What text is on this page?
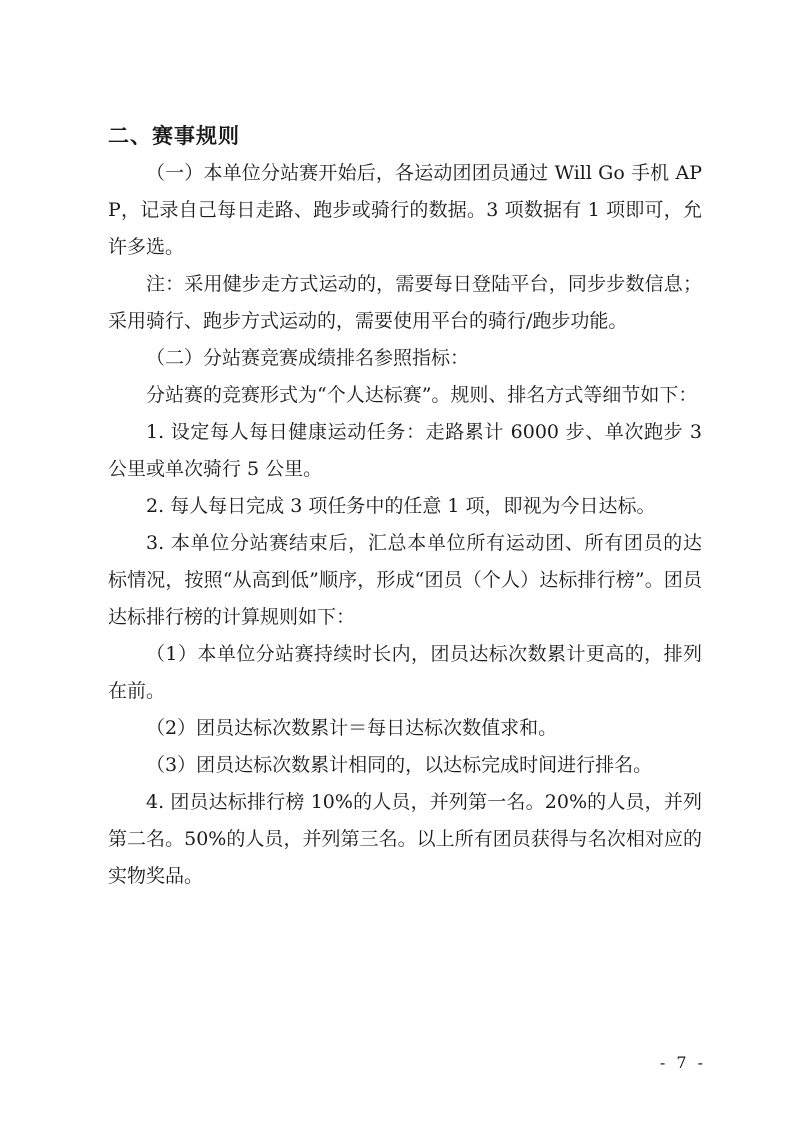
二、赛事规则

（一）本单位分站赛开始后，各运动团团员通过 Will Go 手机 APP，记录自己每日走路、跑步或骑行的数据。3 项数据有 1 项即可，允许多选。

注：采用健步走方式运动的，需要每日登陆平台，同步步数信息；采用骑行、跑步方式运动的，需要使用平台的骑行/跑步功能。

（二）分站赛竞赛成绩排名参照指标：

分站赛的竞赛形式为“个人达标赛”。规则、排名方式等细节如下：

1. 设定每人每日健康运动任务：走路累计 6000 步、单次跑步 3 公里或单次骑行 5 公里。

2. 每人每日完成 3 项任务中的任意 1 项，即视为今日达标。

3. 本单位分站赛结束后，汇总本单位所有运动团、所有团员的达标情况，按照“从高到低”顺序，形成“团员（个人）达标排行榜”。团员达标排行榜的计算规则如下：

（1）本单位分站赛持续时长内，团员达标次数累计更高的，排列在前。

（2）团员达标次数累计＝每日达标次数值求和。

（3）团员达标次数累计相同的，以达标完成时间进行排名。

4. 团员达标排行榜 10%的人员，并列第一名。20%的人员，并列第二名。50%的人员，并列第三名。以上所有团员获得与名次相对应的实物奖品。

- 7 -
